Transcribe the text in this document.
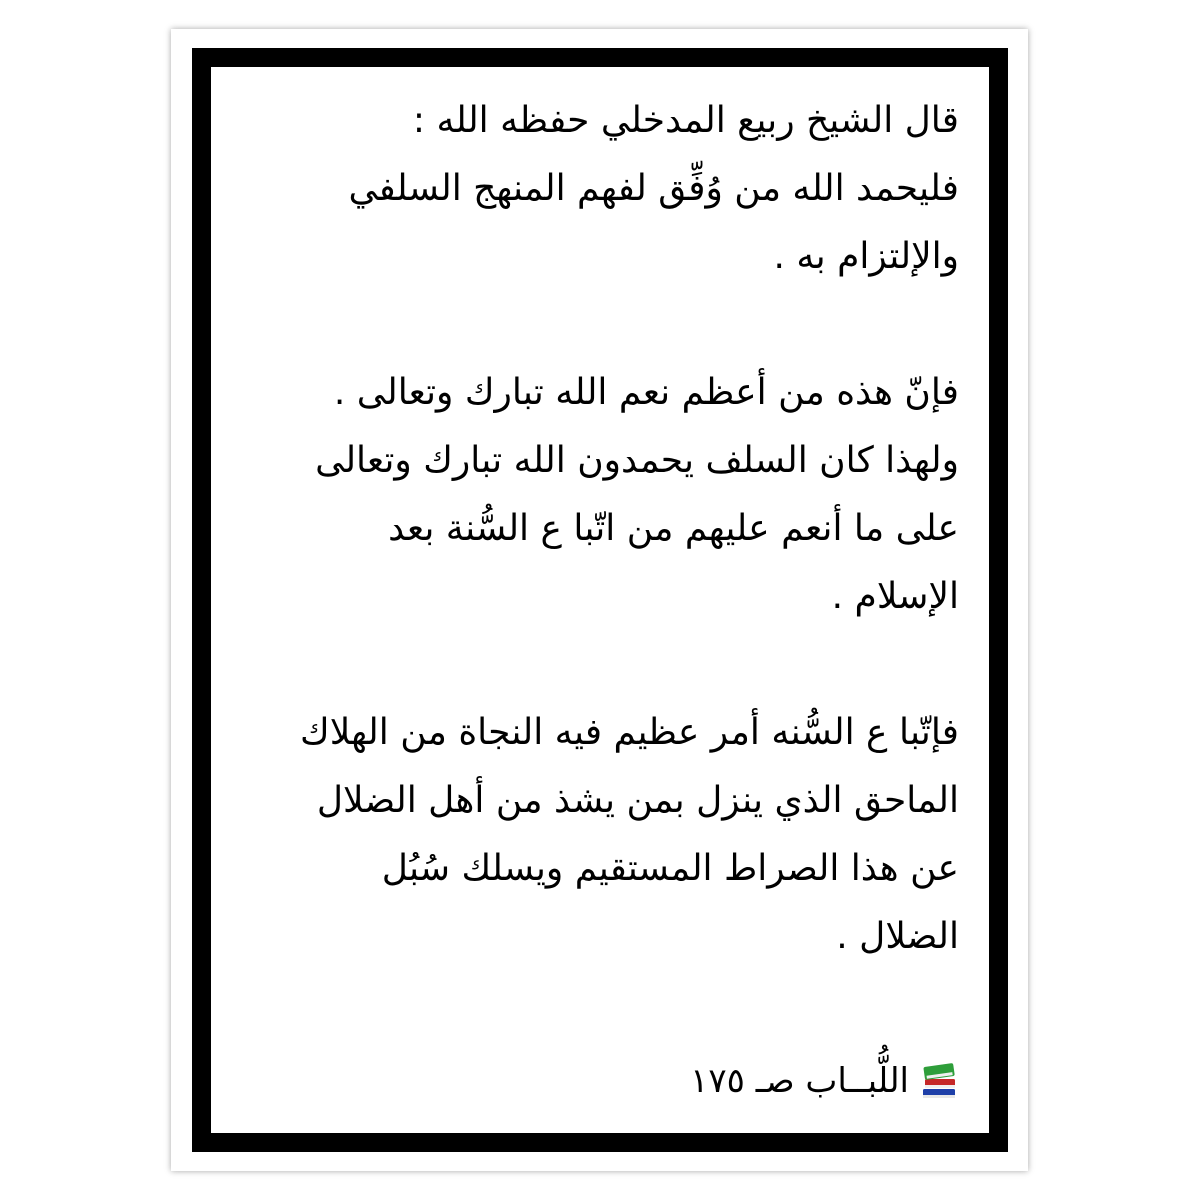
قال الشيخ ربيع المدخلي حفظه الله :
فليحمد الله من وُفِّق لفهم المنهج السلفي
والإلتزام به .
فإنّ هذه من أعظم نعم الله تبارك وتعالى .
ولهذا كان السلف يحمدون الله تبارك وتعالى
على ما أنعم عليهم من اتّبا ع السُّنة بعد
الإسلام .
فإتّبا ع السُّنه أمر عظيم فيه النجاة من الهلاك
الماحق الذي ينزل بمن يشذ من أهل الضلال
عن هذا الصراط المستقيم ويسلك سُبُل
الضلال .
اللُّبــاب صـ ١٧٥
